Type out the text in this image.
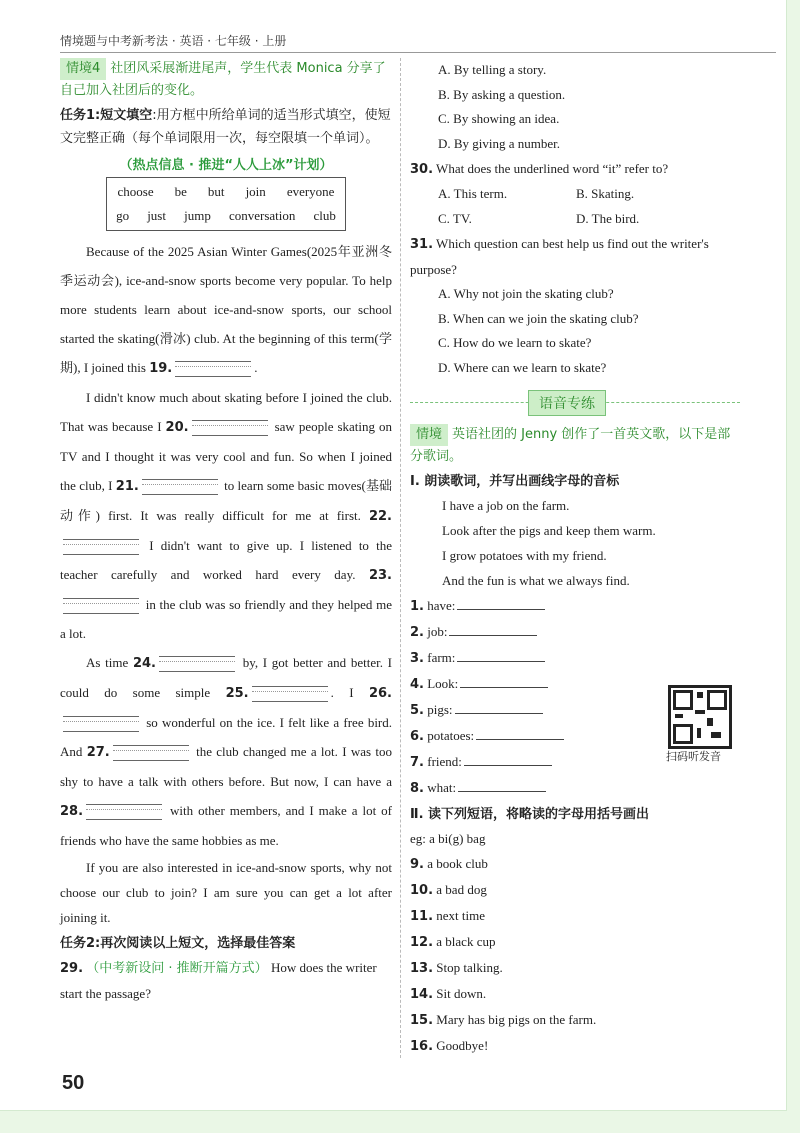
情境题与中考新考法 · 英语 · 七年级 · 上册

情境4 社团风采展渐进尾声，学生代表 Monica 分享了自己加入社团后的变化。

任务1:短文填空:用方框中所给单词的适当形式填空，使短文完整正确（每个单词限用一次，每空限填一个单词）。

（热点信息 · 推进“人人上冰”计划）

choose be but join everyone
go just jump conversation club

Because of the 2025 Asian Winter Games(2025年亚洲冬季运动会), ice-and-snow sports become very popular. To help more students learn about ice-and-snow sports, our school started the skating(滑冰) club. At the beginning of this term(学期), I joined this 19.	.

I didn't know much about skating before I joined the club. That was because I 20.	saw people skating on TV and I thought it was very cool and fun. So when I joined the club, I 21.	to learn some basic moves(基础动作) first. It was really difficult for me at first. 22. I didn't want to give up. I listened to the teacher carefully and worked hard every day. 23. in the club was so friendly and they helped me a lot.

As time 24.	by, I got better and better. I could do some simple 25.	. I 26. so wonderful on the ice. I felt like a free bird. And 27.	the club changed me a lot. I was too shy to have a talk with others before. But now, I can have a 28.	with other members, and I make a lot of friends who have the same hobbies as me.

If you are also interested in ice-and-snow sports, why not choose our club to join? I am sure you can get a lot after joining it.

任务2:再次阅读以上短文，选择最佳答案

29. （中考新设问 · 推断开篇方式） How does the writer start the passage?

A. By telling a story.
B. By asking a question.
C. By showing an idea.
D. By giving a number.

30. What does the underlined word “it” refer to?

A. This term.	B. Skating.
C. TV.	D. The bird.

31. Which question can best help us find out the writer's purpose?

A. Why not join the skating club?
B. When can we join the skating club?
C. How do we learn to skate?
D. Where can we learn to skate?
语音专练

情境 英语社团的 Jenny 创作了一首英文歌，以下是部分歌词。

Ⅰ. 朗读歌词，并写出画线字母的音标

I have a job on the farm.
Look after the pigs and keep them warm.
I grow potatoes with my friend.
And the fun is what we always find.
1. have:
2. job:
3. farm:
4. Look:
5. pigs:
6. potatoes:
7. friend:
8. what:

Ⅱ. 读下列短语，将略读的字母用括号画出

eg: a bi(g) bag
9. a book club
10. a bad dog
11. next time
12. a black cup
13. Stop talking.
14. Sit down.
15. Mary has big pigs on the farm.
16. Goodbye!
扫码听发音
50
